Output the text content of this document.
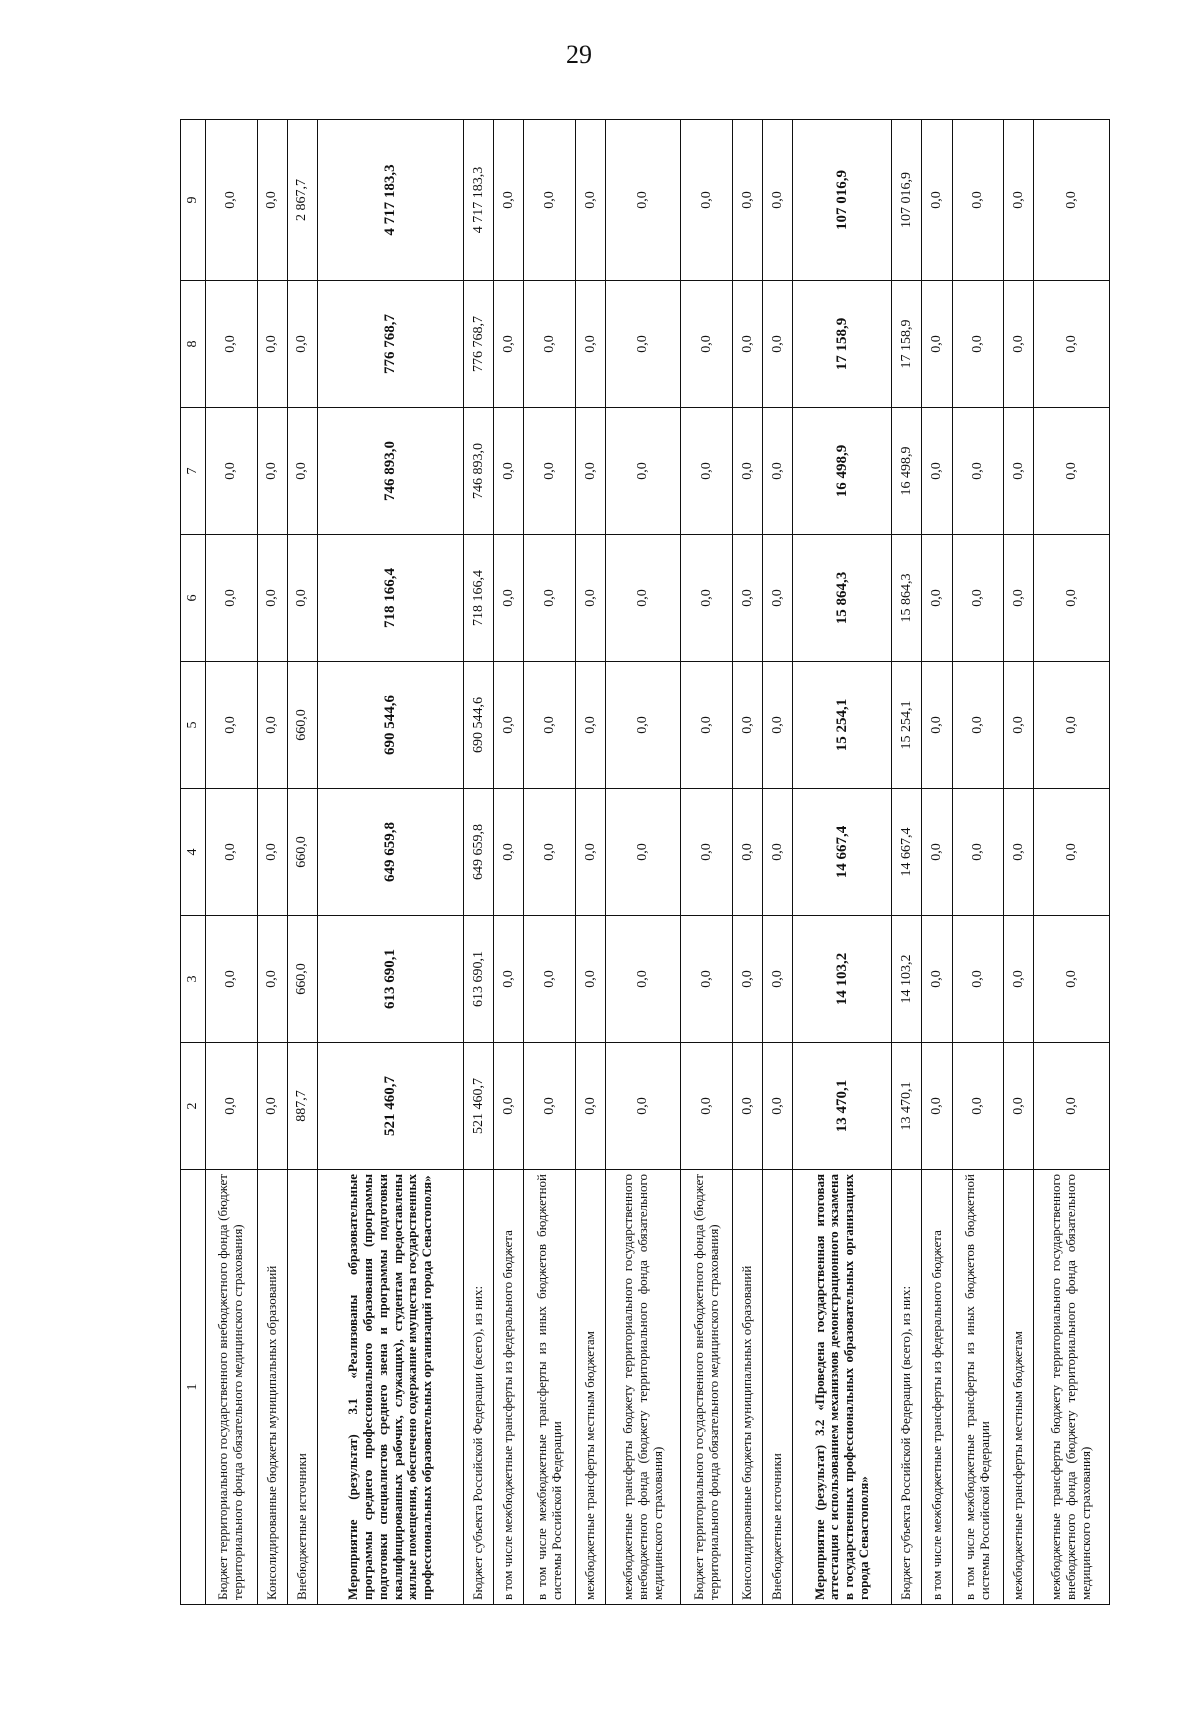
29
1	2	3	4	5	6	7	8	9
Бюджет территориального государственного внебюджетного фонда (бюджет территориального фонда обязательного медицинского страхования)	0,0	0,0	0,0	0,0	0,0	0,0	0,0	0,0
Консолидированные бюджеты муниципальных образований	0,0	0,0	0,0	0,0	0,0	0,0	0,0	0,0
Внебюджетные источники	887,7	660,0	660,0	660,0	0,0	0,0	0,0	2 867,7
Мероприятие (результат) 3.1 «Реализованы образовательные программы среднего профессионального образования (программы подготовки специалистов среднего звена и программы подготовки квалифицированных рабочих, служащих), студентам предоставлены жилые помещения, обеспечено содержание имущества государственных профессиональных образовательных организаций города Севастополя»	521 460,7	613 690,1	649 659,8	690 544,6	718 166,4	746 893,0	776 768,7	4 717 183,3
Бюджет субъекта Российской Федерации (всего), из них:	521 460,7	613 690,1	649 659,8	690 544,6	718 166,4	746 893,0	776 768,7	4 717 183,3
в том числе межбюджетные трансферты из федерального бюджета	0,0	0,0	0,0	0,0	0,0	0,0	0,0	0,0
в том числе межбюджетные трансферты из иных бюджетов бюджетной системы Российской Федерации	0,0	0,0	0,0	0,0	0,0	0,0	0,0	0,0
межбюджетные трансферты местным бюджетам	0,0	0,0	0,0	0,0	0,0	0,0	0,0	0,0
межбюджетные трансферты бюджету территориального государственного внебюджетного фонда (бюджету территориального фонда обязательного медицинского страхования)	0,0	0,0	0,0	0,0	0,0	0,0	0,0	0,0
Бюджет территориального государственного внебюджетного фонда (бюджет территориального фонда обязательного медицинского страхования)	0,0	0,0	0,0	0,0	0,0	0,0	0,0	0,0
Консолидированные бюджеты муниципальных образований	0,0	0,0	0,0	0,0	0,0	0,0	0,0	0,0
Внебюджетные источники	0,0	0,0	0,0	0,0	0,0	0,0	0,0	0,0
Мероприятие (результат) 3.2 «Проведена государственная итоговая аттестация с использованием механизмов демонстрационного экзамена в государственных профессиональных образовательных организациях города Севастополя»	13 470,1	14 103,2	14 667,4	15 254,1	15 864,3	16 498,9	17 158,9	107 016,9
Бюджет субъекта Российской Федерации (всего), из них:	13 470,1	14 103,2	14 667,4	15 254,1	15 864,3	16 498,9	17 158,9	107 016,9
в том числе межбюджетные трансферты из федерального бюджета	0,0	0,0	0,0	0,0	0,0	0,0	0,0	0,0
в том числе межбюджетные трансферты из иных бюджетов бюджетной системы Российской Федерации	0,0	0,0	0,0	0,0	0,0	0,0	0,0	0,0
межбюджетные трансферты местным бюджетам	0,0	0,0	0,0	0,0	0,0	0,0	0,0	0,0
межбюджетные трансферты бюджету территориального государственного внебюджетного фонда (бюджету территориального фонда обязательного медицинского страхования)	0,0	0,0	0,0	0,0	0,0	0,0	0,0	0,0
